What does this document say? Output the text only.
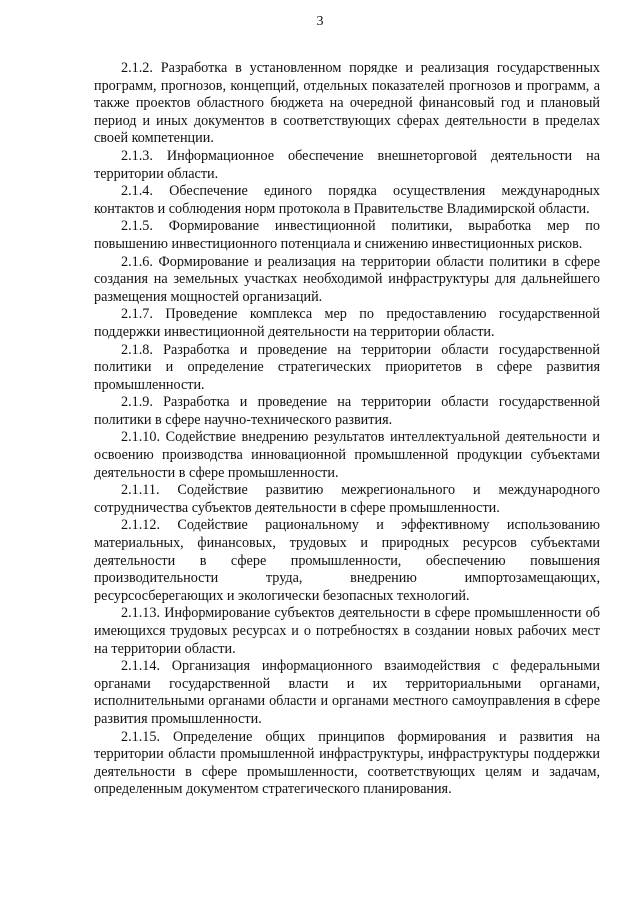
3

2.1.2. Разработка в установленном порядке и реализация государственных программ, прогнозов, концепций, отдельных показателей прогнозов и программ, а также проектов областного бюджета на очередной финансовый год и плановый период и иных документов в соответствующих сферах деятельности в пределах своей компетенции.

2.1.3. Информационное обеспечение внешнеторговой деятельности на территории области.

2.1.4. Обеспечение единого порядка осуществления международных контактов и соблюдения норм протокола в Правительстве Владимирской области.

2.1.5. Формирование инвестиционной политики, выработка мер по повышению инвестиционного потенциала и снижению инвестиционных рисков.

2.1.6. Формирование и реализация на территории области политики в сфере создания на земельных участках необходимой инфраструктуры для дальнейшего размещения мощностей организаций.

2.1.7. Проведение комплекса мер по предоставлению государственной поддержки инвестиционной деятельности на территории области.

2.1.8. Разработка и проведение на территории области государственной политики и определение стратегических приоритетов в сфере развития промышленности.

2.1.9. Разработка и проведение на территории области государственной политики в сфере научно-технического развития.

2.1.10. Содействие внедрению результатов интеллектуальной деятельности и освоению производства инновационной промышленной продукции субъектами деятельности в сфере промышленности.

2.1.11. Содействие развитию межрегионального и международного сотрудничества субъектов деятельности в сфере промышленности.

2.1.12. Содействие рациональному и эффективному использованию материальных, финансовых, трудовых и природных ресурсов субъектами деятельности в сфере промышленности, обеспечению повышения производительности труда, внедрению импортозамещающих, ресурсосберегающих и экологически безопасных технологий.

2.1.13. Информирование субъектов деятельности в сфере промышленности об имеющихся трудовых ресурсах и о потребностях в создании новых рабочих мест на территории области.

2.1.14. Организация информационного взаимодействия с федеральными органами государственной власти и их территориальными органами, исполнительными органами области и органами местного самоуправления в сфере развития промышленности.

2.1.15. Определение общих принципов формирования и развития на территории области промышленной инфраструктуры, инфраструктуры поддержки деятельности в сфере промышленности, соответствующих целям и задачам, определенным документом стратегического планирования.
